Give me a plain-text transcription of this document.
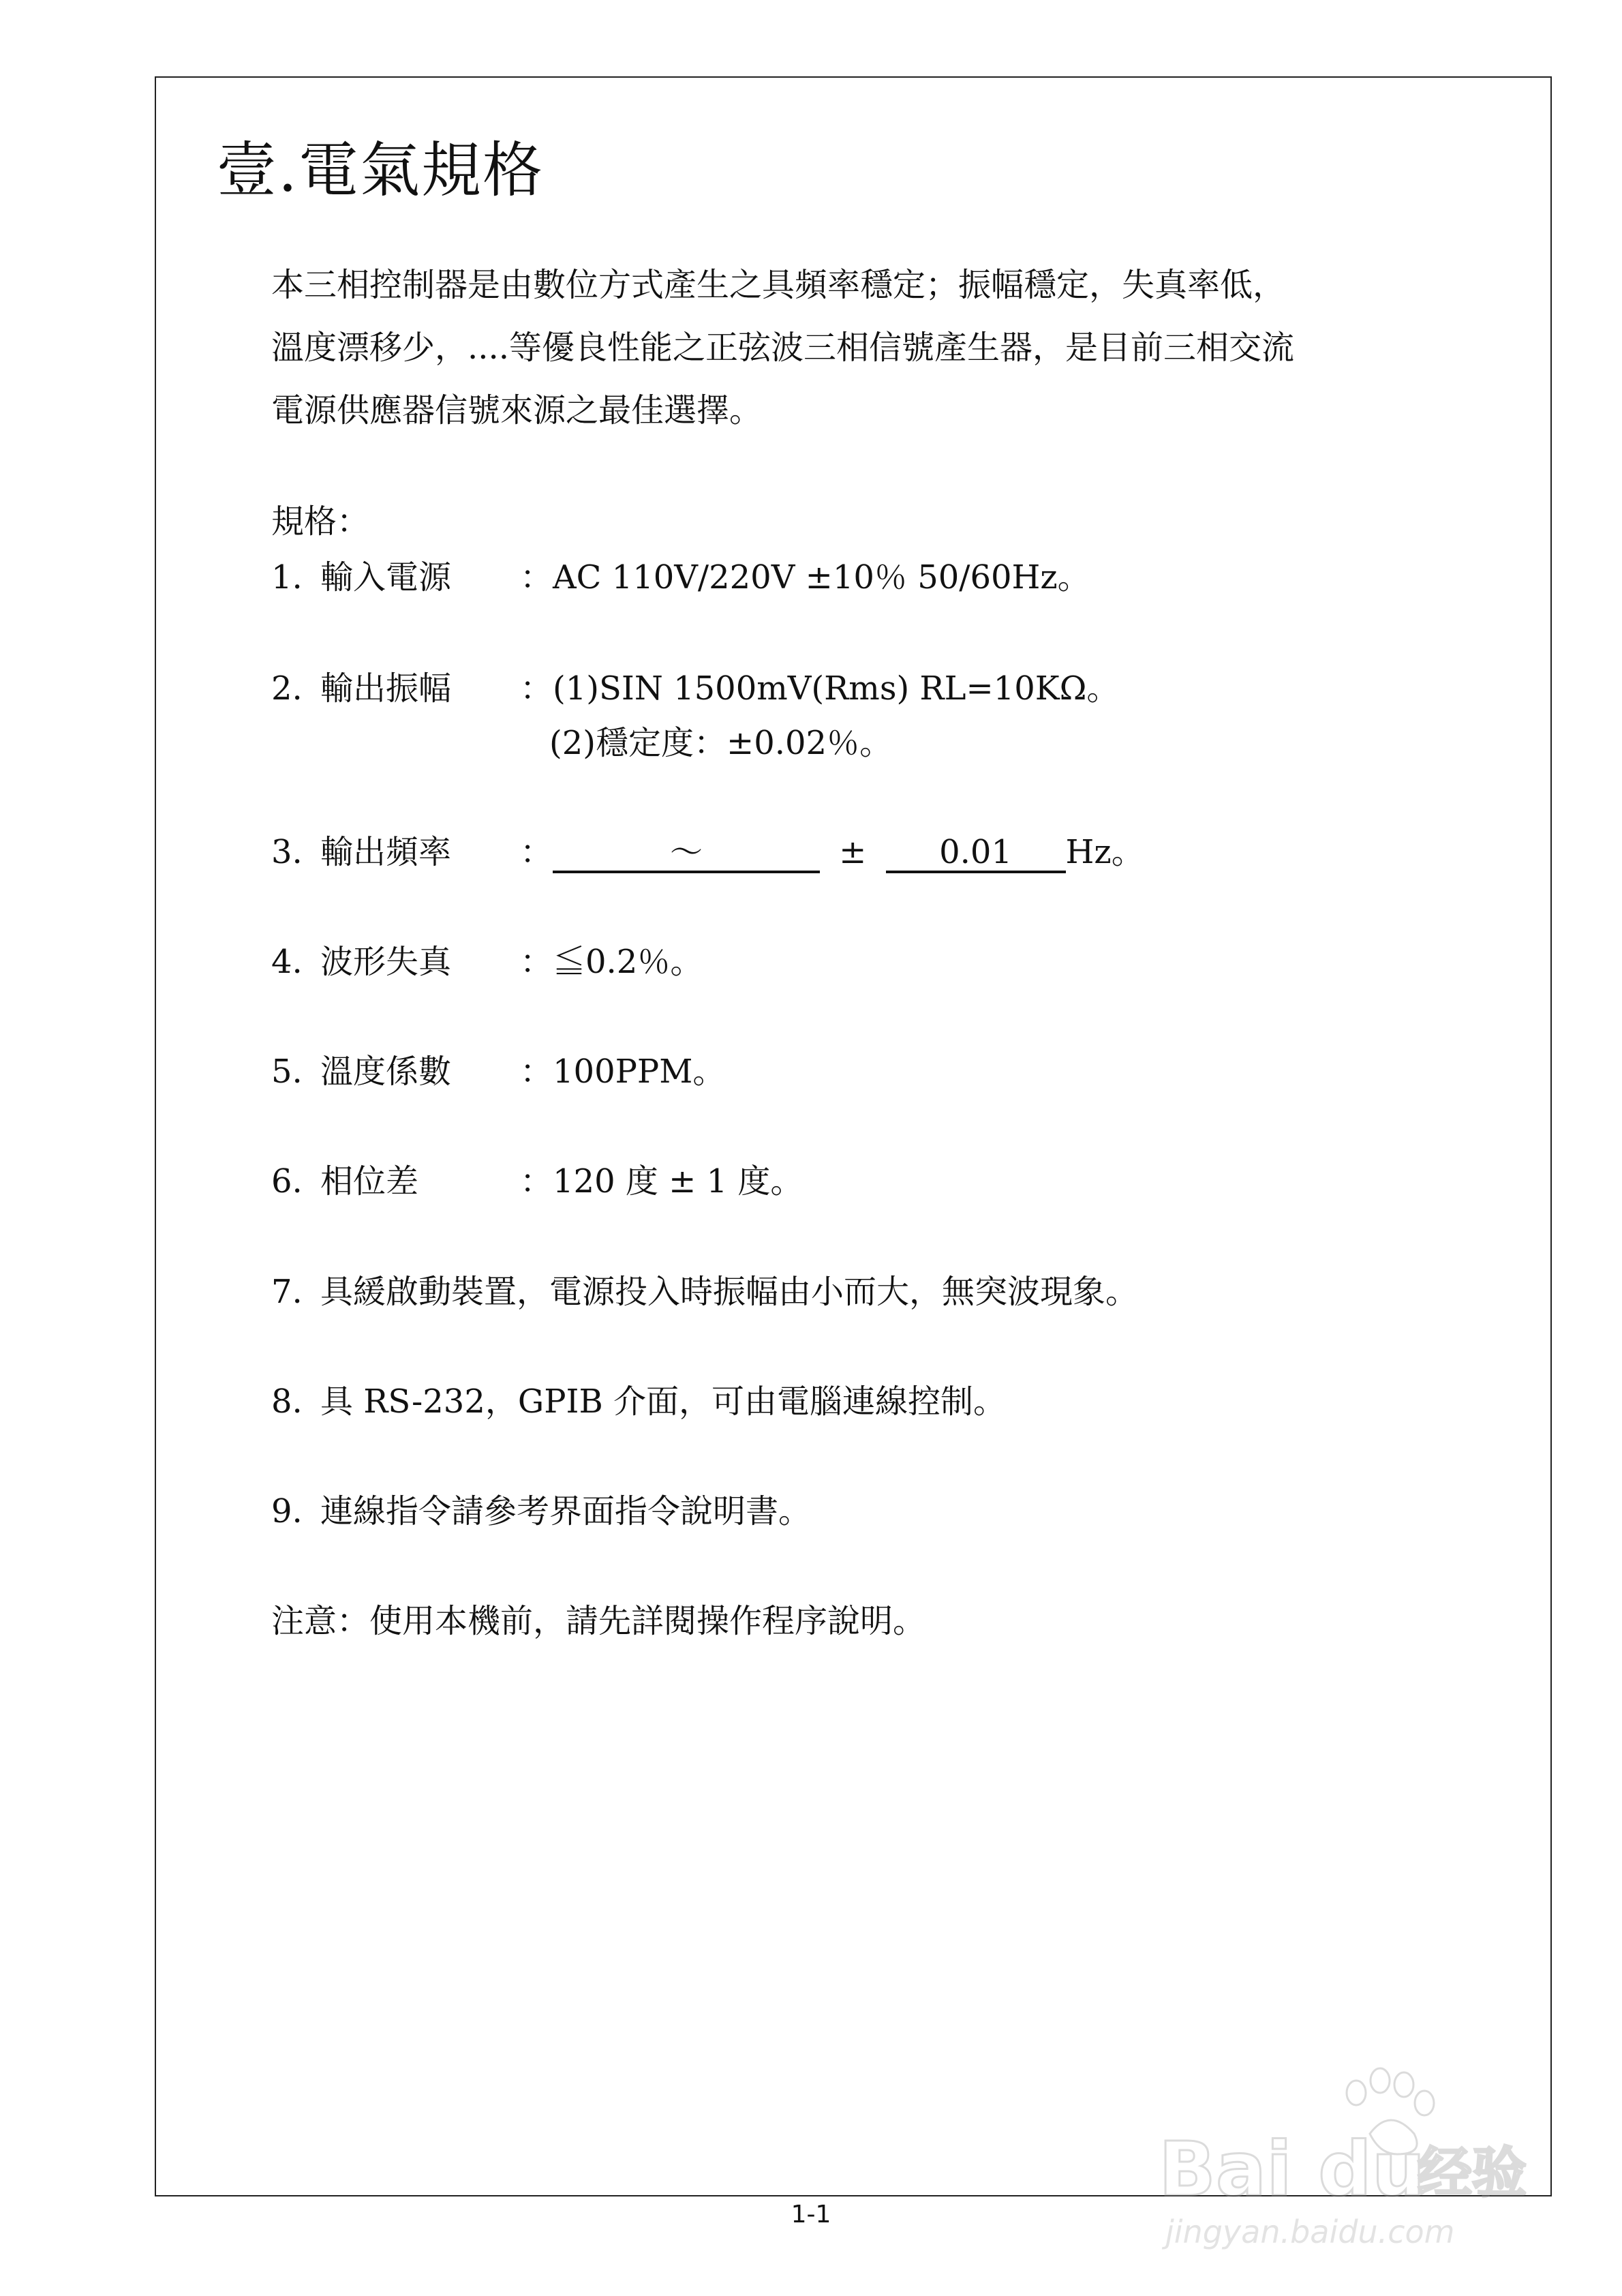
壹.電氣規格
本三相控制器是由數位方式產生之具頻率穩定；振幅穩定，失真率低，
溫度漂移少，....等優良性能之正弦波三相信號產生器，是目前三相交流
電源供應器信號來源之最佳選擇。
規格：
1. 輸入電源 ：AC 110V/220V ±10％ 50/60Hz。
2. 輸出振幅 ：(1)SIN 1500mV(Rms) RL=10KΩ。
(2)穩定度：±0.02％。
3. 輸出頻率 ：	～	± 0.01 Hz。
4. 波形失真 ：≦0.2％。
5. 溫度係數 ：100PPM。
6. 相位差	：120 度 ± 1 度。
7. 具緩啟動裝置，電源投入時振幅由小而大，無突波現象。
8. 具 RS-232，GPIB 介面，可由電腦連線控制。
9. 連線指令請參考界面指令說明書。
注意：使用本機前，請先詳閱操作程序說明。
1-1
Bai du
经验
jingyan.baidu.com
